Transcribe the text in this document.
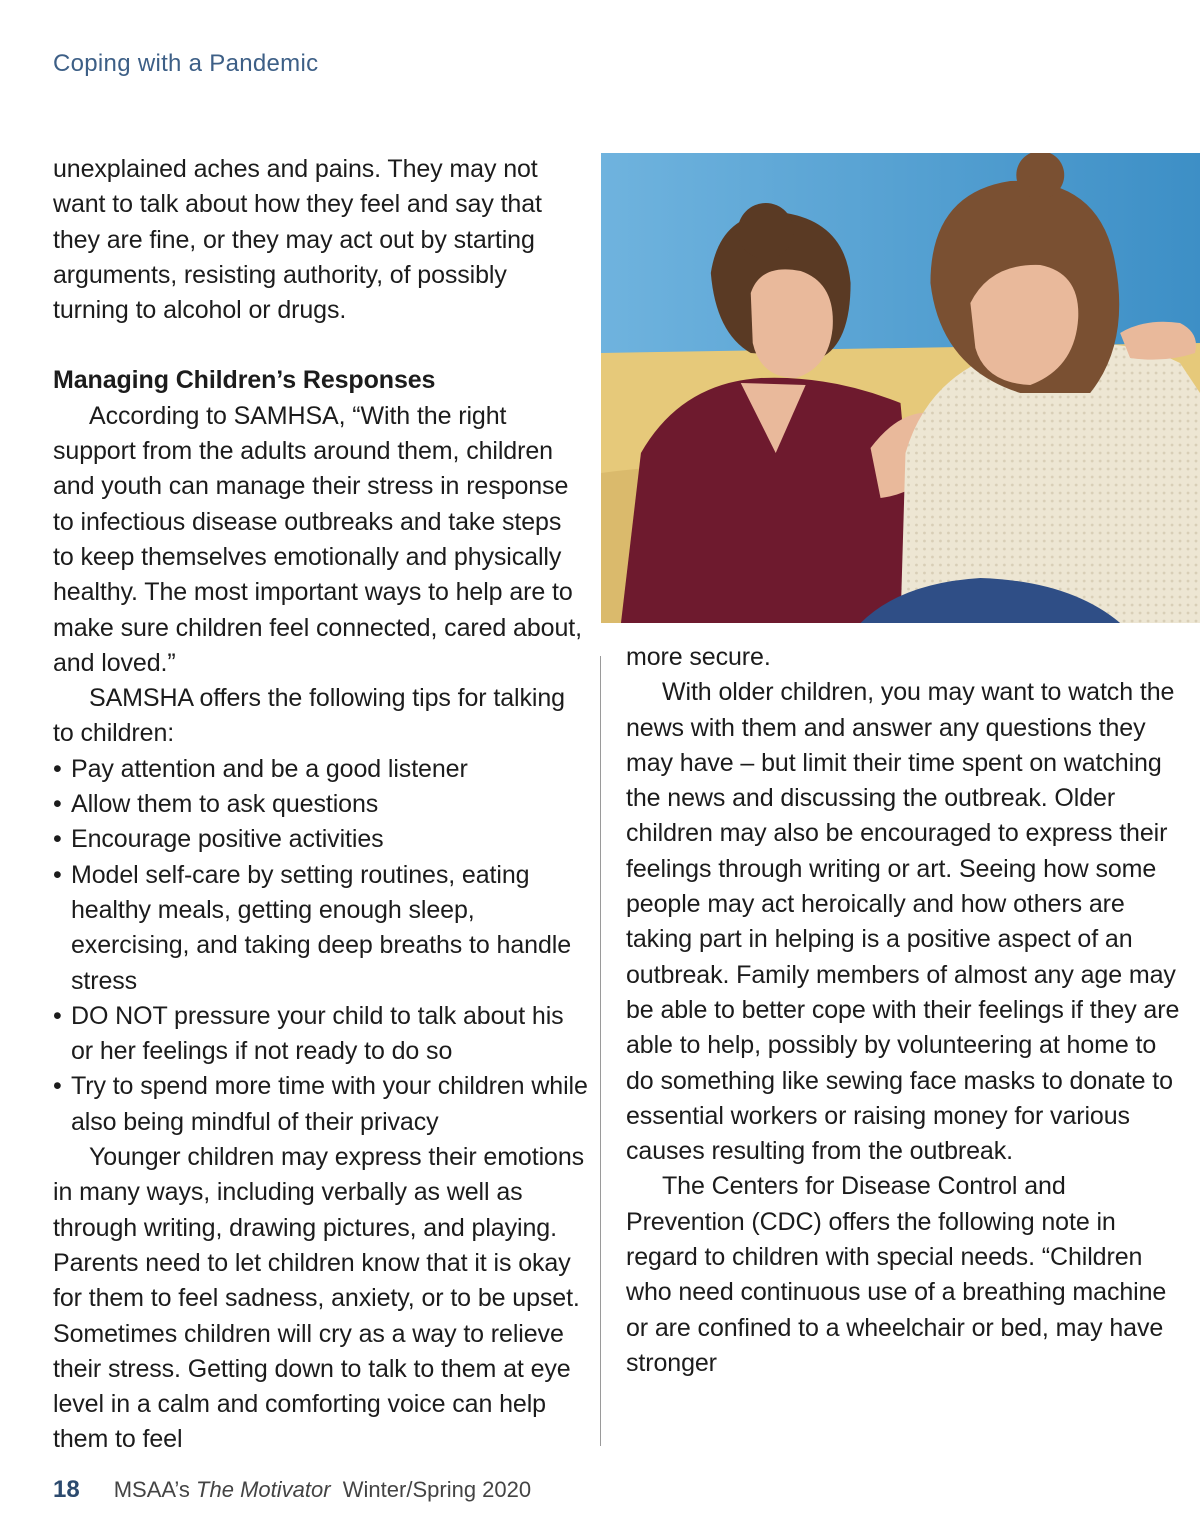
Coping with a Pandemic

unexplained aches and pains. They may not want to talk about how they feel and say that they are fine, or they may act out by starting arguments, resisting authority, of possibly turning to alcohol or drugs.

Managing Children’s Responses

According to SAMHSA, “With the right support from the adults around them, children and youth can manage their stress in response to infectious disease outbreaks and take steps to keep themselves emotionally and physically healthy. The most important ways to help are to make sure children feel connected, cared about, and loved.”

SAMSHA offers the following tips for talking to children:

• Pay attention and be a good listener
• Allow them to ask questions
• Encourage positive activities
• Model self-care by setting routines, eating healthy meals, getting enough sleep, exercising, and taking deep breaths to handle stress
• DO NOT pressure your child to talk about his or her feelings if not ready to do so
• Try to spend more time with your children while also being mindful of their privacy

Younger children may express their emotions in many ways, including verbally as well as through writing, drawing pictures, and playing. Parents need to let children know that it is okay for them to feel sadness, anxiety, or to be upset. Sometimes children will cry as a way to relieve their stress. Getting down to talk to them at eye level in a calm and comforting voice can help them to feel

more secure.

With older children, you may want to watch the news with them and answer any questions they may have – but limit their time spent on watching the news and discussing the outbreak. Older children may also be encouraged to express their feelings through writing or art. Seeing how some people may act heroically and how others are taking part in helping is a positive aspect of an outbreak. Family members of almost any age may be able to better cope with their feelings if they are able to help, possibly by volunteering at home to do something like sewing face masks to donate to essential workers or raising money for various causes resulting from the outbreak.

The Centers for Disease Control and Prevention (CDC) offers the following note in regard to children with special needs. “Children who need continuous use of a breathing machine or are confined to a wheelchair or bed, may have stronger

18 MSAA’s The Motivator Winter/Spring 2020
